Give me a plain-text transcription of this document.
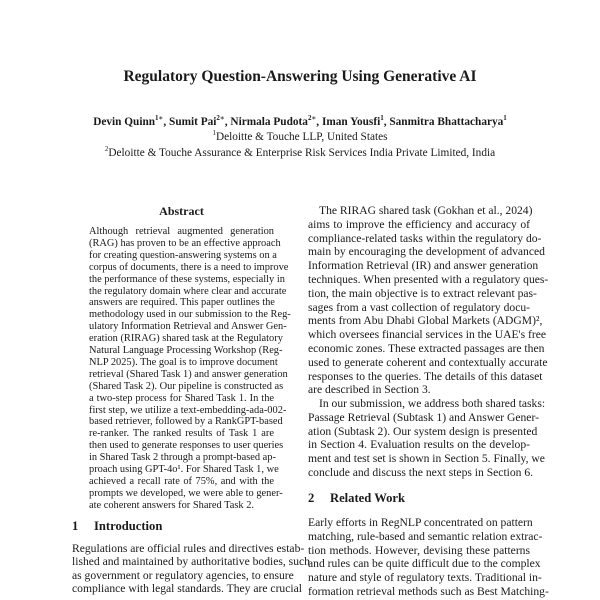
Regulatory Question-Answering Using Generative AI
Devin Quinn$^{1∗}$, Sumit Pai$^{2∗}$, Nirmala Pudota$^{2∗}$, Iman Yousfi$^1$, Sanmitra Bhattacharya$^1$
$^1$Deloitte & Touche LLP, United States
$^2$Deloitte & Touche Assurance & Enterprise Risk Services India Private Limited, India
Abstract
Although retrieval augmented generation
(RAG) has proven to be an effective approach
for creating question-answering systems on a
corpus of documents, there is a need to improve
the performance of these systems, especially in
the regulatory domain where clear and accurate
answers are required. This paper outlines the
methodology used in our submission to the Reg-
ulatory Information Retrieval and Answer Gen-
eration (RIRAG) shared task at the Regulatory
Natural Language Processing Workshop (Reg-
NLP 2025). The goal is to improve document
retrieval (Shared Task 1) and answer generation
(Shared Task 2). Our pipeline is constructed as
a two-step process for Shared Task 1. In the
first step, we utilize a text-embedding-ada-002-
based retriever, followed by a RankGPT-based
re-ranker. The ranked results of Task 1 are
then used to generate responses to user queries
in Shared Task 2 through a prompt-based ap-
proach using GPT-4o¹. For Shared Task 1, we
achieved a recall rate of 75%, and with the
prompts we developed, we were able to gener-
ate coherent answers for Shared Task 2.
1 Introduction
Regulations are official rules and directives estab-
lished and maintained by authoritative bodies, such
as government or regulatory agencies, to ensure
compliance with legal standards. They are crucial
The RIRAG shared task (Gokhan et al., 2024)
aims to improve the efficiency and accuracy of
compliance-related tasks within the regulatory do-
main by encouraging the development of advanced
Information Retrieval (IR) and answer generation
techniques. When presented with a regulatory ques-
tion, the main objective is to extract relevant pas-
sages from a vast collection of regulatory docu-
ments from Abu Dhabi Global Markets (ADGM)²,
which oversees financial services in the UAE's free
economic zones. These extracted passages are then
used to generate coherent and contextually accurate
responses to the queries. The details of this dataset
are described in Section 3.
In our submission, we address both shared tasks:
Passage Retrieval (Subtask 1) and Answer Gener-
ation (Subtask 2). Our system design is presented
in Section 4. Evaluation results on the develop-
ment and test set is shown in Section 5. Finally, we
conclude and discuss the next steps in Section 6.
Early efforts in RegNLP concentrated on pattern
matching, rule-based and semantic relation extrac-
tion methods. However, devising these patterns
and rules can be quite difficult due to the complex
nature and style of regulatory texts. Traditional in-
formation retrieval methods such as Best Matching-
2 Related Work
